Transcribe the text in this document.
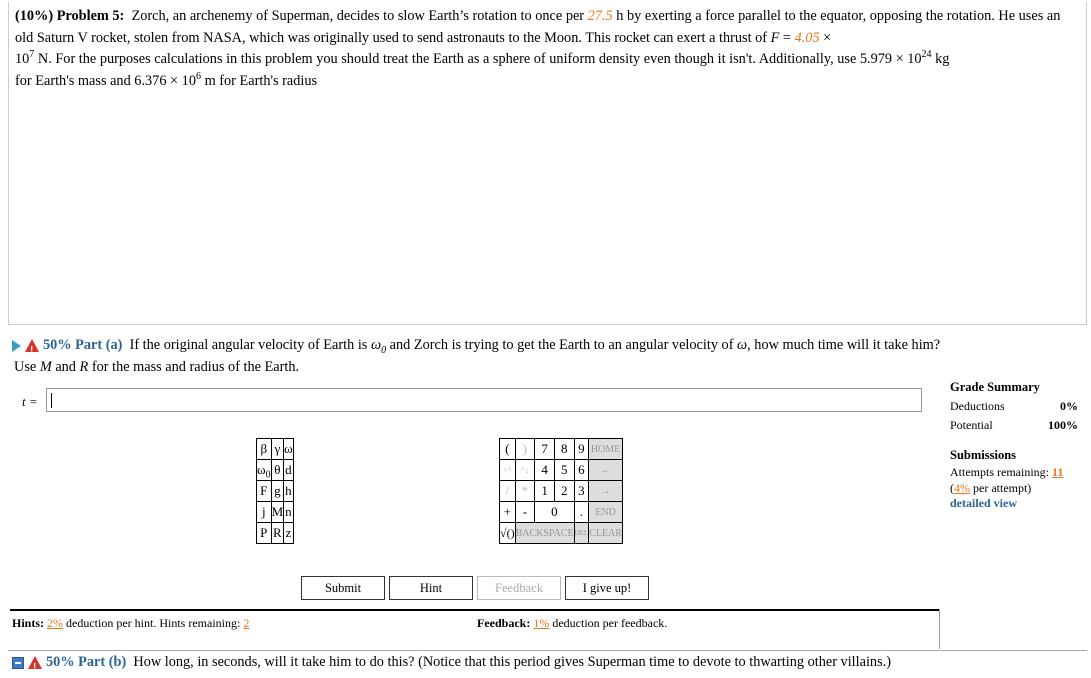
(10%) Problem 5: Zorch, an archenemy of Superman, decides to slow Earth’s rotation to once per 27.5 h by exerting a force parallel to the equator, opposing the rotation. He uses an old Saturn V rocket, stolen from NASA, which was originally used to send astronauts to the Moon. This rocket can exert a thrust of F = 4.05 ×
$10^7$ N. For the purposes calculations in this problem you should treat the Earth as a sphere of uniform density even though it isn't. Additionally, use $5.979 \times 10^{24}$ kg
for Earth's mass and $6.376 \times 10^6$ m for Earth's radius
!50% Part (a) If the original angular velocity of Earth is $\omega_0$ and Zorch is trying to get the Earth to an angular velocity of ω, how much time will it take him?
Use M and R for the mass and radius of the Earth.
t =
Grade Summary
Deductions	0%
Potential	100%
Submissions
Attempts remaining: 11
(4% per attempt)
detailed view
β	γ	ω
$\omega_0$	θ	d
F	g	h
j	M	n
P	R	z
(	)	7	8	9	HOME
↑^	^↓	4	5	6	←
/	*	1	2	3	→
+	-	0		.	END
√()	BACKSPACE			DEL	CLEAR
Submit	Hint	Feedback	I give up!
Hints: 2% deduction per hint. Hints remaining: 2	Feedback: 1% deduction per feedback.
!50% Part (b) How long, in seconds, will it take him to do this? (Notice that this period gives Superman time to devote to thwarting other villains.)
